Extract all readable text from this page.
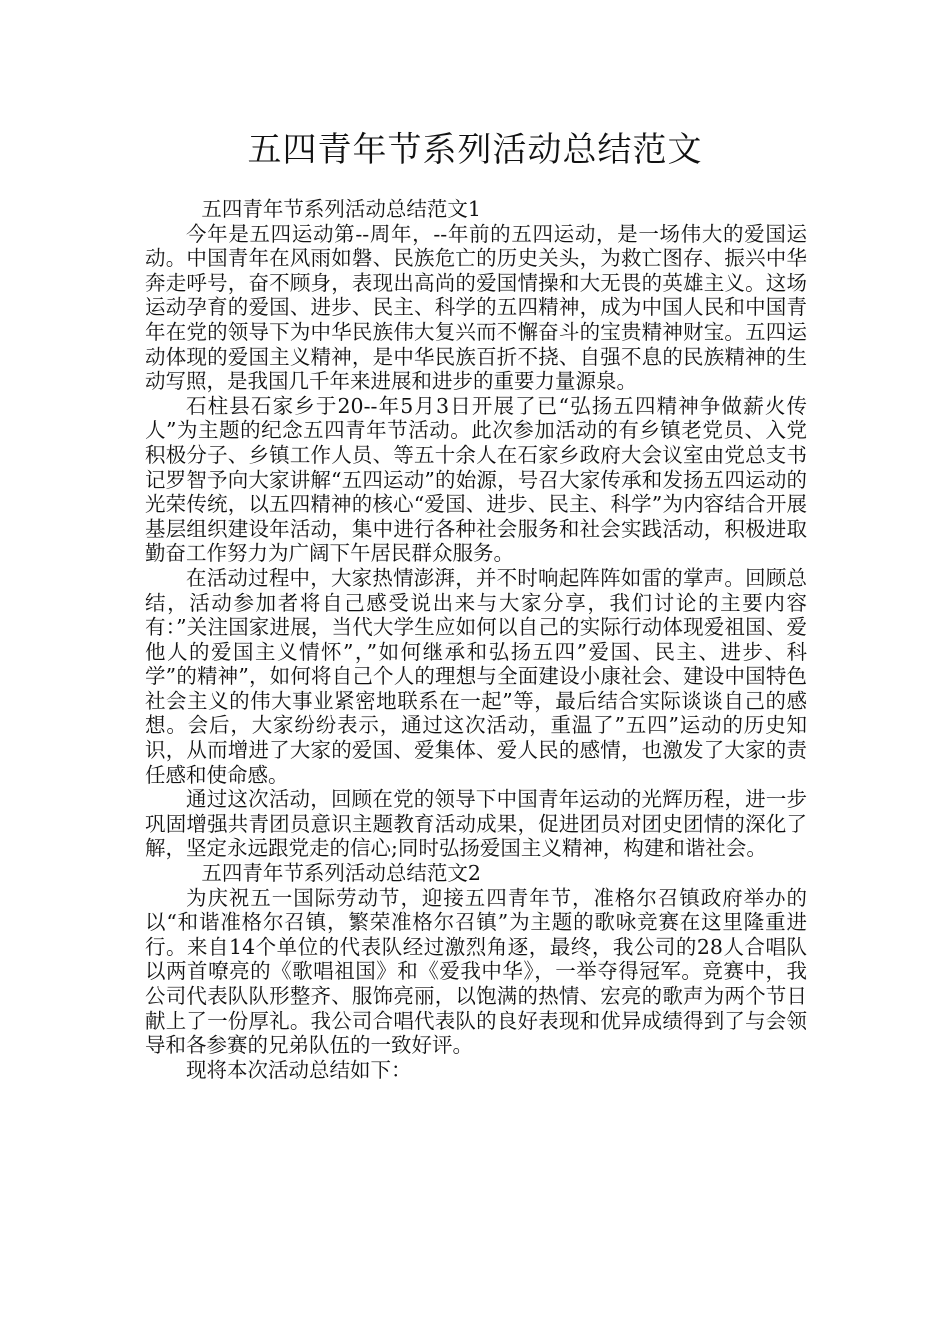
五四青年节系列活动总结范文

五四青年节系列活动总结范文1

今年是五四运动第--周年，--年前的五四运动，是一场伟大的爱国运动。中国青年在风雨如磐、民族危亡的历史关头，为救亡图存、振兴中华奔走呼号，奋不顾身，表现出高尚的爱国情操和大无畏的英雄主义。这场运动孕育的爱国、进步、民主、科学的五四精神，成为中国人民和中国青年在党的领导下为中华民族伟大复兴而不懈奋斗的宝贵精神财宝。五四运动体现的爱国主义精神，是中华民族百折不挠、自强不息的民族精神的生动写照，是我国几千年来进展和进步的重要力量源泉。

石柱县石家乡于20--年5月3日开展了已“弘扬五四精神争做薪火传人”为主题的纪念五四青年节活动。此次参加活动的有乡镇老党员、入党积极分子、乡镇工作人员、等五十余人在石家乡政府大会议室由党总支书记罗智予向大家讲解“五四运动”的始源，号召大家传承和发扬五四运动的光荣传统，以五四精神的核心“爱国、进步、民主、科学”为内容结合开展基层组织建设年活动，集中进行各种社会服务和社会实践活动，积极进取勤奋工作努力为广阔下午居民群众服务。

在活动过程中，大家热情澎湃，并不时响起阵阵如雷的掌声。回顾总结，活动参加者将自己感受说出来与大家分享，我们讨论的主要内容有：”关注国家进展，当代大学生应如何以自己的实际行动体现爱祖国、爱他人的爱国主义情怀”，”如何继承和弘扬五四”爱国、民主、进步、科学”的精神”，如何将自己个人的理想与全面建设小康社会、建设中国特色社会主义的伟大事业紧密地联系在一起”等，最后结合实际谈谈自己的感想。会后，大家纷纷表示，通过这次活动，重温了”五四”运动的历史知识，从而增进了大家的爱国、爱集体、爱人民的感情，也激发了大家的责任感和使命感。

通过这次活动，回顾在党的领导下中国青年运动的光辉历程，进一步巩固增强共青团员意识主题教育活动成果，促进团员对团史团情的深化了解，坚定永远跟党走的信心;同时弘扬爱国主义精神，构建和谐社会。

五四青年节系列活动总结范文2

为庆祝五一国际劳动节，迎接五四青年节，准格尔召镇政府举办的以“和谐准格尔召镇，繁荣准格尔召镇”为主题的歌咏竞赛在这里隆重进行。来自14个单位的代表队经过激烈角逐，最终，我公司的28人合唱队以两首嘹亮的《歌唱祖国》和《爱我中华》，一举夺得冠军。竞赛中，我公司代表队队形整齐、服饰亮丽，以饱满的热情、宏亮的歌声为两个节日献上了一份厚礼。我公司合唱代表队的良好表现和优异成绩得到了与会领导和各参赛的兄弟队伍的一致好评。

现将本次活动总结如下：
